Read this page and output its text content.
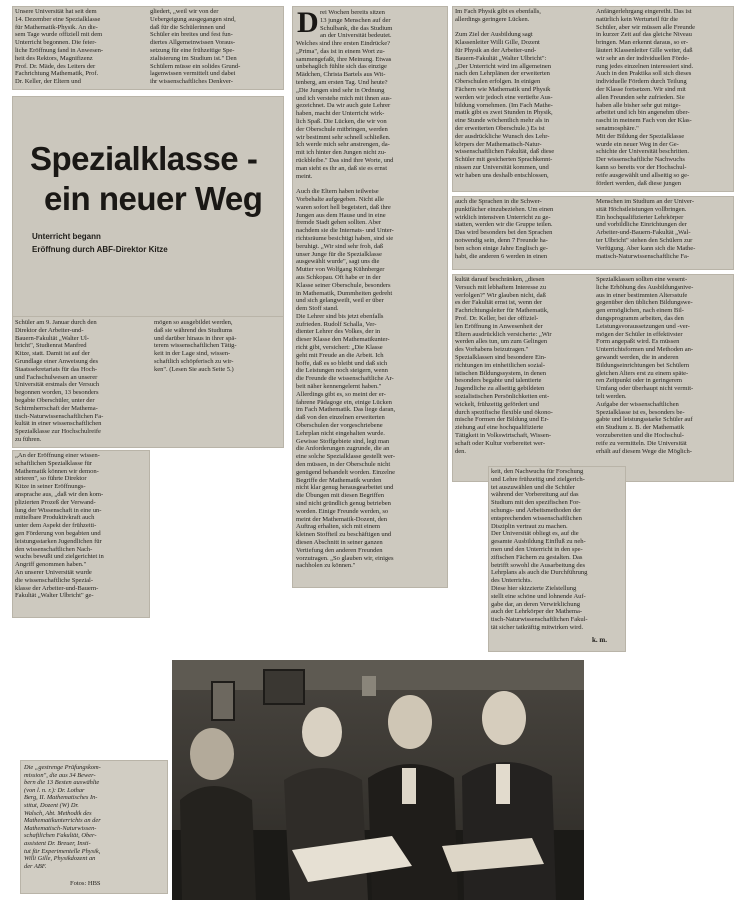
Unsere Universität hat seit dem
14. Dezember eine Spezialklasse
für Mathematik-Physik. An die-
sem Tage wurde offiziell mit dem
Unterricht begonnen. Die feier-
liche Eröffnung fand in Anwesen-
heit des Rektors, Magnifizenz
Prof. Dr. Mäde, des Leiters der
Fachrichtung Mathematik, Prof.
Dr. Keller, der Eltern und

gliedert, „weil wir von der
Uebergeigung ausgegangen sind,
daß für die Schülerinnen und
Schüler ein breites und fest fun-
diertes Allgemeinwissen Voraus-
setzung für eine frühzeitige Spe-
zialisierung im Studium ist." Den
Schülern müsse ein solides Grund-
lagenwissen vermittelt und dabei
ihr wissenschaftliches Denkver-

Spezialklasse -
ein neuer Weg

Unterricht begann

Eröffnung durch ABF-Direktor Kitze

Schüler am 9. Januar durch den
Direktor der Arbeiter-und-
Bauern-Fakultät „Walter Ul-
bricht", Studienrat Manfred
Kitze, statt. Damit ist auf der
Grundlage einer Anweisung des
Staatssekretariats für das Hoch-
und Fachschulwesen an unserer
Universität erstmals der Versuch
begonnen worden, 13 besonders
begabte Oberschüler, unter der
Schirmherrschaft der Mathema-
tisch-Naturwissenschaftlichen Fa-
kultät in einer wissenschaftlichen
Spezialklasse zur Hochschulreife
zu führen.

mögen so ausgebildet werden,
daß sie während des Studiums
und darüber hinaus in ihrer spä-
terem wissenschaftlichen Tätig-
keit in der Lage sind, wissen-
schaftlich schöpferisch zu wir-
ken". (Lesen Sie auch Seite 5.)

„An der Eröffnung einer wissen-
schaftlichen Spezialklasse für
Mathematik können wir demon-
strieren", so führte Direktor
Kitze in seiner Eröffnungs-
ansprache aus, „daß wir den kom-
plizierten Prozeß der Verwand-
lung der Wissenschaft in eine un-
mittelbare Produktivkraft auch
unter dem Aspekt der frühzeiti-
gen Förderung von begabten und
leistungsstarken Jugendlichen für
den wissenschaftlichen Nach-
wuchs bewußt und zielgerichtet in
Angriff genommen haben."
An unserer Universität wurde
die wissenschaftliche Spezial-
klasse der Arbeiter-und-Bauern-
Fakultät „Walter Ulbricht" ge-

D rei Wochen bereits sitzen
13 junge Menschen auf der
Schulbank, die das Studium
an der Universität bedeutet.

Welches sind ihre ersten Eindrücke?
„Prima", das ist in einem Wort zu-
sammengefaßt, ihre Meinung. Etwas
unbehaglich fühlte sich das einzige
Mädchen, Christa Bartels aus Wit-
tenberg, am ersten Tag. Und heute?
„Die Jungen sind sehr in Ordnung
und ich verstehe mich mit ihnen aus-
gezeichnet. Da wir auch gute Lehrer
haben, macht der Unterricht wirk-
lich Spaß. Die Lücken, die wir von
der Oberschule mitbringen, werden
wir bestimmt sehr schnell schließen.
Ich werde mich sehr anstrengen, da-
mit ich hinter den Jungen nicht zu-
rückbleibe." Das sind ihre Worte, und
man sieht es ihr an, daß sie es ernst
meint.

Auch die Eltern haben teilweise
Vorbehalte aufgegeben. Nicht alle
waren sofort hell begeistert, daß ihre
Jungen aus dem Hause und in eine
fremde Stadt gehen sollten. Aber
nachdem sie die Internats- und Unter-
richtsräume besichtigt haben, sind sie
beruhigt. „Wir sind sehr froh, daß
unser Junge für die Spezialklasse
ausgewählt wurde", sagt uns die
Mutter von Wolfgang Kühnberger
aus Schkopau. Oft habe er in der
Klasse seiner Oberschule, besonders
in Mathematik, Dummheiten gedreht
und sich gelangweilt, weil er über
dem Stoff stand.
Die Lehrer sind bis jetzt ebenfalls
zufrieden. Rudolf Schalla, Ver-
dienter Lehrer des Volkes, der in
dieser Klasse den Mathematikunter-
richt gibt, versichert: „Die Klasse
geht mit Freude an die Arbeit. Ich
hoffe, daß es so bleibt und daß sich
die Leistungen noch steigern, wenn
die Freunde die wissenschaftliche Ar-
beit näher kennengelernt haben."
Allerdings gibt es, so meint der er-
fahrene Pädagoge ein, einige Lücken
im Fach Mathematik. Das liege daran,
daß von den einzelnen erweiterten
Oberschulen der vorgeschriebene
Lehrplan nicht eingehalten wurde.
Gewisse Stoffgebiete sind, legt man
die Anforderungen zugrunde, die an
eine solche Spezialklasse gestellt wer-
den müssen, in der Oberschule nicht
genügend behandelt worden. Einzelne
Begriffe der Mathematik wurden
nicht klar genug herausgearbeitet und
die Übungen mit diesen Begriffen
sind nicht gründlich genug betrieben
worden. Einige Freunde werden, so
meint der Mathematik-Dozent, den
Auftrag erhalten, sich mit einem
kleinen Stoffteil zu beschäftigen und
diesen Abschnitt in seiner ganzen
Vertiefung den anderen Freunden
vorzutragen. „So glauben wir, einiges
nachholen zu können."

Im Fach Physik gibt es ebenfalls,
allerdings geringere Lücken.

Zum Ziel der Ausbildung sagt
Klassenleiter Willi Gille, Dozent
für Physik an der Arbeiter-und-
Bauern-Fakultät „Walter Ulbricht":
„Der Unterricht wird im allgemeinen
nach den Lehrplänen der erweiterten
Oberschulen erfolgen. In einigen
Fächern wie Mathematik und Physik
werden wir jedoch eine vertiefte Aus-
bildung vornehmen. (Im Fach Mathe-
matik gibt es zwei Stunden in Physik,
eine Stunde wöchentlich mehr als in
der erweiterten Oberschule.) Es ist
der ausdrückliche Wunsch des Lehr-
körpers der Mathematisch-Natur-
wissenschaftlichen Fakultät, daß diese
Schüler mit gesicherten Sprachkennt-
nissen zur Universität kommen, und
wir haben uns deshalb entschlossen,

Anfängerlehrgang eingereiht. Das ist
natürlich kein Werturteil für die
Schüler, aber wir müssen alle Freunde
in kurzer Zeit auf das gleiche Niveau
bringen. Man erkennt daraus, so er-
läutert Klassenleiter Gille weiter, daß
wir sehr an der individuellen Förde-
rung jedes einzelnen interessiert sind.
Auch in den Praktika soll sich dieses
individuelle Fördern durch Teilung
der Klasse fortsetzen. Wir sind mit
allen Freunden sehr zufrieden. Sie
haben alle bisher sehr gut mitge-
arbeitet und ich bin angenehm über-
rascht in meinem Fach von der Klas-
senatmosphäre."
Mit der Bildung der Spezialklasse
wurde ein neuer Weg in der Ge-
schichte der Universität beschritten.
Der wissenschaftliche Nachwuchs
kann so bereits vor der Hochschul-
reife ausgewählt und allseitig so ge-
fördert werden, daß diese jungen

auch die Sprachen in die Schwer-
punktfächer einzubeziehen. Um einen
wirklich intensiven Unterricht zu ge-
statten, werden wir die Gruppe teilen.
Das wird besonders bei den Sprachen
notwendig sein, denn 7 Freunde ha-
ben schon einige Jahre Englisch ge-
habt, die anderen 6 werden in einen

Menschen im Studium an der Univer-
sität Höchstleistungen vollbringen.
Ein hochqualifizierter Lehrkörper
und vorbildliche Einrichtungen der
Arbeiter-und-Bauern-Fakultät „Wal-
ter Ulbricht" stehen den Schülern zur
Verfügung. Aber kann sich die Mathe-
matisch-Naturwissenschaftliche Fa-

kultät darauf beschränken, „diesen
Versuch mit lebhaftem Interesse zu
verfolgen?" Wir glauben nicht, daß
es der Fakultät ernst ist, wenn der
Fachrichtungsleiter für Mathematik,
Prof. Dr. Keller, bei der offiziel-
len Eröffnung in Anwesenheit der
Eltern ausdrücklich versicherte: „Wir
werden alles tun, um zum Gelingen
des Vorhabens beizutragen."
Spezialklassen sind besondere Ein-
richtungen im einheitlichen sozial-
istischen Bildungssystem, in denen
besonders begabte und talentierte
Jugendliche zu allseitig gebildeten
sozialistischen Persönlichkeiten ent-
wickelt, frühzeitig gefördert und
durch spezifische flexible und ökono-
mische Formen der Bildung und Er-
ziehung auf eine hochqualifizierte
Tätigkeit in Volkswirtschaft, Wissen-
schaft oder Kultur vorbereitet wer-
den.

Spezialklassen sollten eine wesent-
liche Erhöhung des Ausbildungsnive-
aus in einer bestimmten Altersstufe
gegenüber den üblichen Bildungswe-
gen ermöglichen, nach einem Bil-
dungsprogramm arbeiten, das den
Leistungsvoraussetzungen und -ver-
mögen der Schüler in effektivster
Form angepaßt wird. Es müssen
Unterrichtsformen und Methoden an-
gewandt werden, die in anderen
Bildungseinrichtungen bei Schülern
gleichen Alters erst zu einem späte-
ren Zeitpunkt oder in geringerem
Umfang oder überhaupt nicht vermit-
telt werden.
Aufgabe der wissenschaftlichen
Spezialklasse ist es, besonders be-
gabte und leistungsstarke Schüler auf
ein Studium z. B. der Mathematik
vorzubereiten und die Hochschul-
reife zu vermitteln. Die Universität
erhält auf diesem Wege die Möglich-

keit, den Nachwuchs für Forschung
und Lehre frühzeitig und zielgerich-
tet auszuwählen und die Schüler
während der Vorbereitung auf das
Studium mit den spezifischen For-
schungs- und Arbeitsmethoden der
entsprechenden wissenschaftlichen
Disziplin vertraut zu machen.
Der Universität obliegt es, auf die
gesamte Ausbildung Einfluß zu neh-
men und den Unterricht in den spe-
zifischen Fächern zu gestalten. Das
betrifft sowohl die Ausarbeitung des
Lehrplans als auch die Durchführung
des Unterrichts.
Diese hier skizzierte Zielstellung
stellt eine schöne und lohnende Auf-
gabe dar, an deren Verwirklichung
auch der Lehrkörper der Mathema-
tisch-Naturwissenschaftlichen Fakul-
tät sicher tatkräftig mitwirken wird.

k. m.

Die „gestrenge Prüfungskom-
mission", die aus 34 Bewer-
bern die 13 Besten auswählte
(von l. n. r.): Dr. Lothar
Berg, II. Mathematisches In-
stitut, Dozent (W) Dr.
Walsch, Abt. Methodik des
Mathematikunterrichts an der
Mathematisch-Naturwissen-
schaftlichen Fakultät, Ober-
assistent Dr. Breuer, Insti-
tut für Experimentelle Physik,
Willi Gille, Physikdozent an
der ABF.

Fotos: HBS
